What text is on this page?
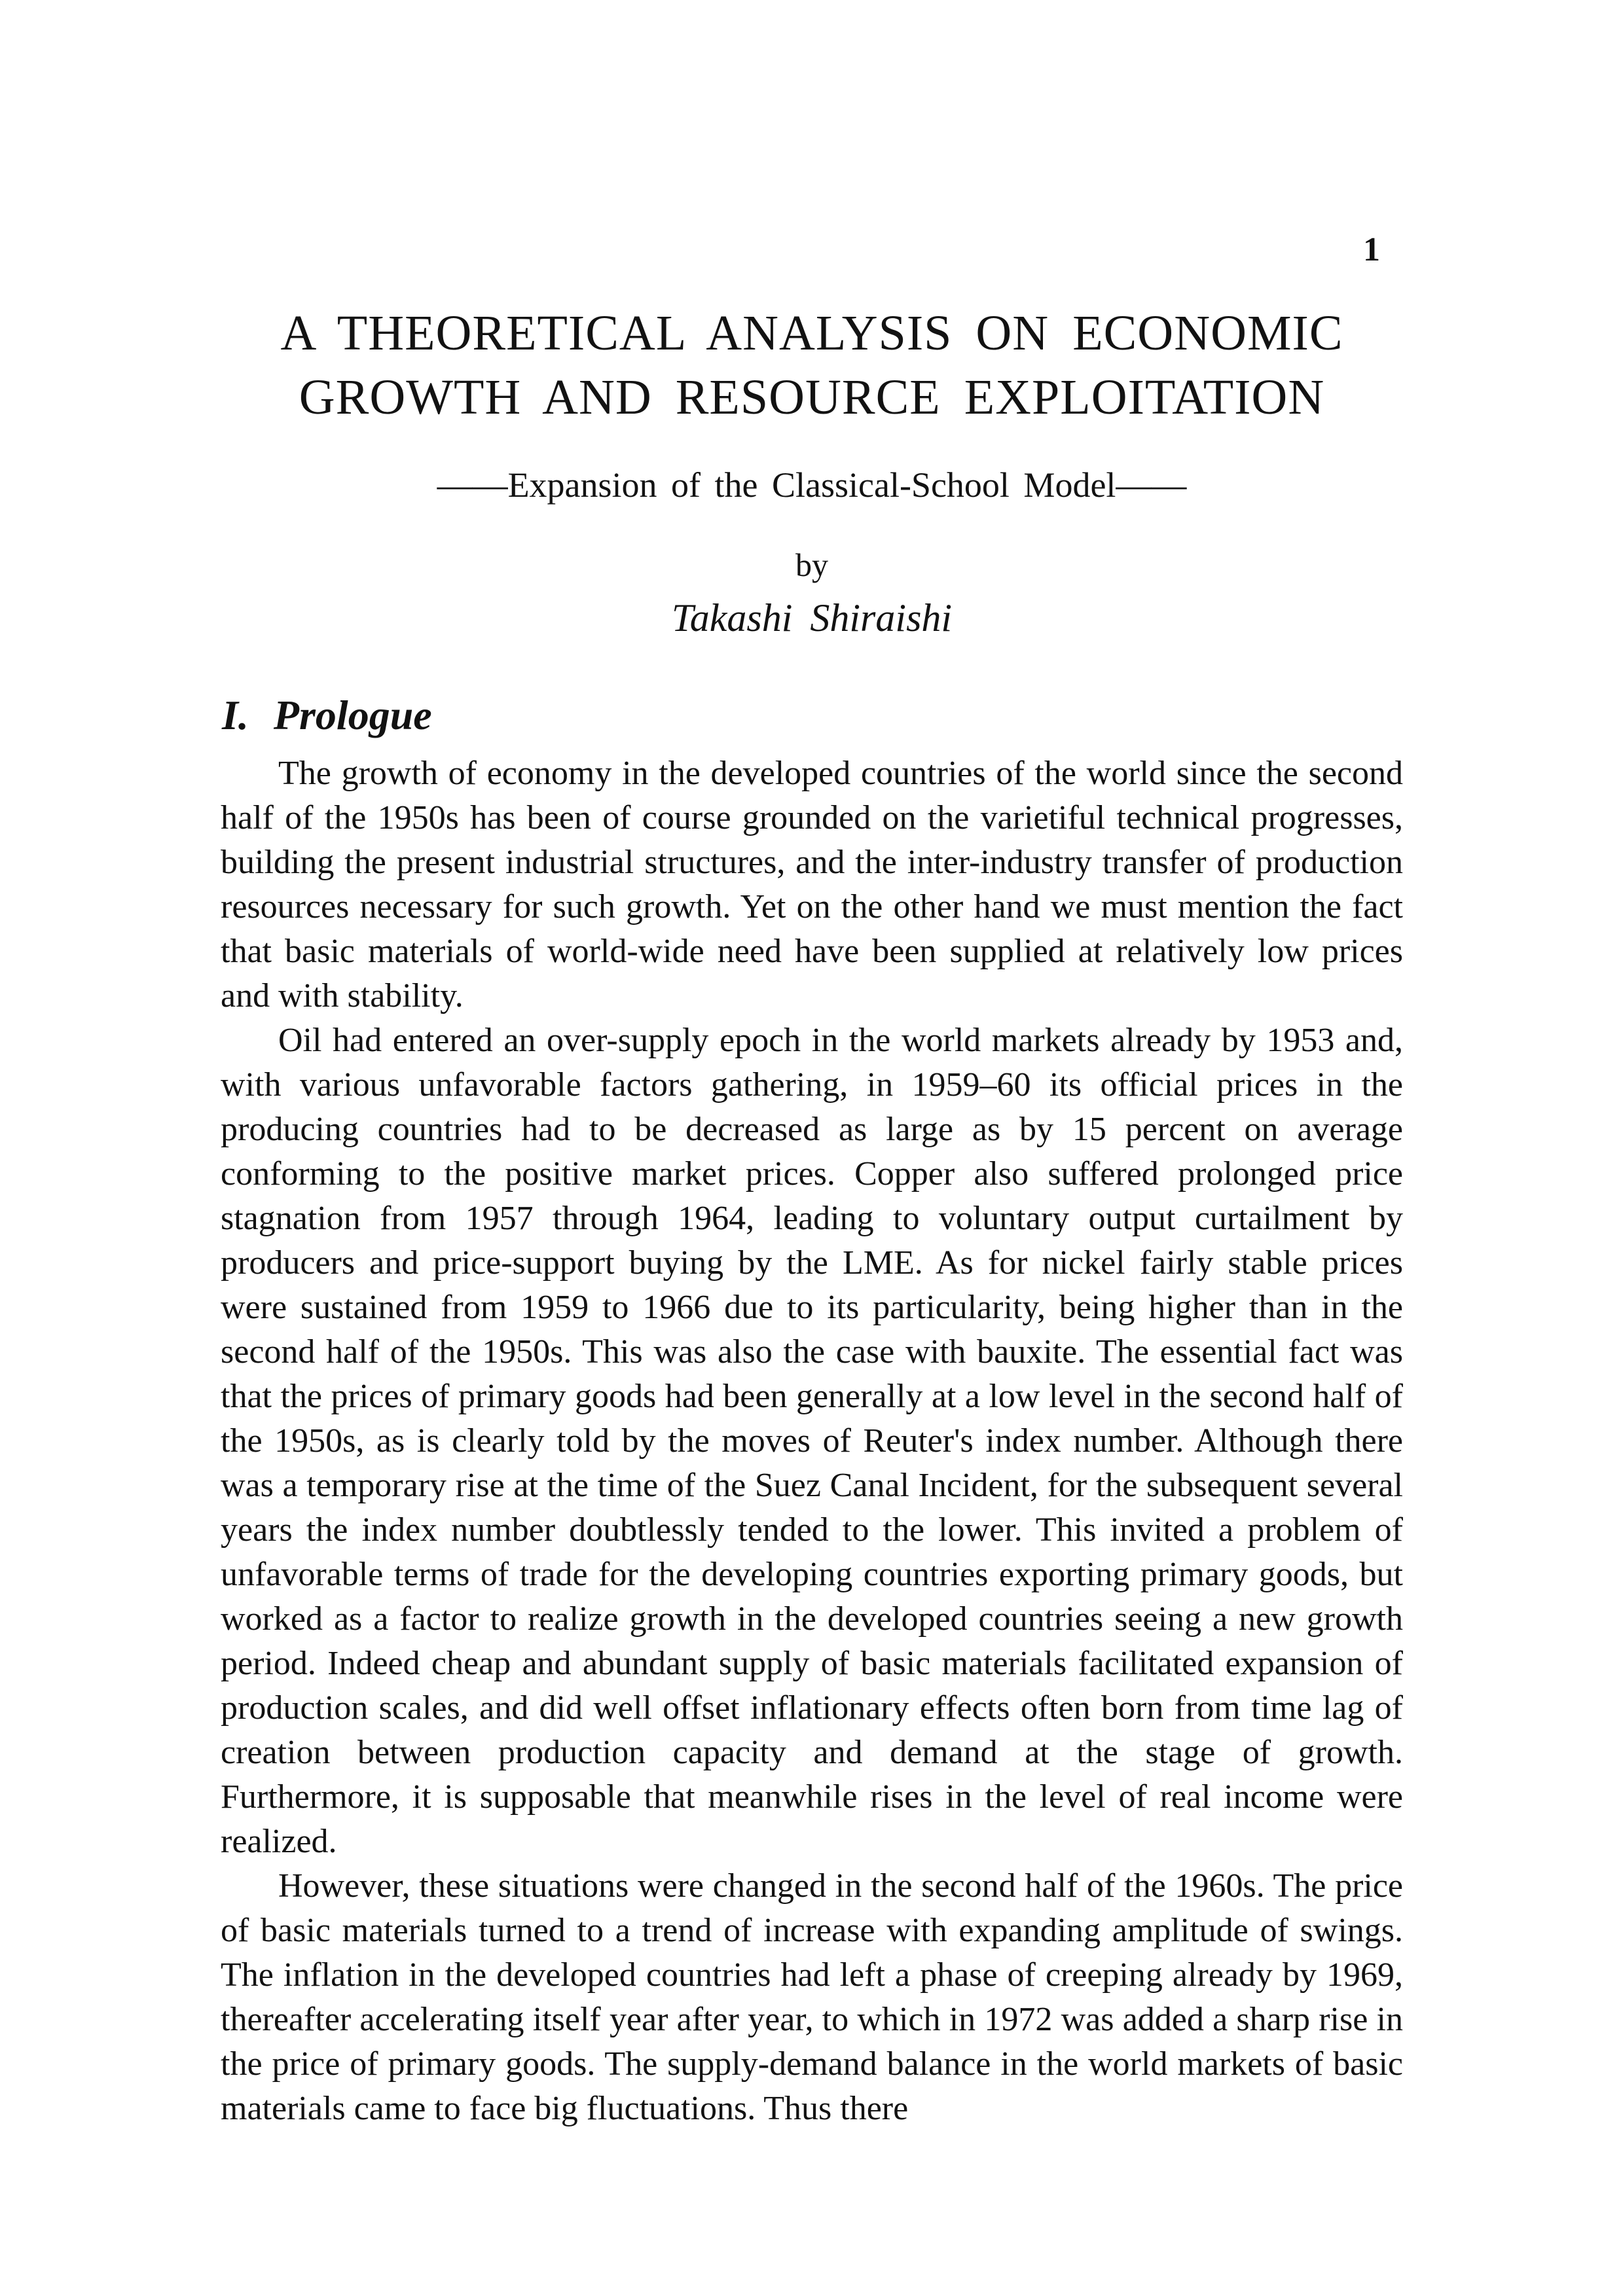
1
A THEORETICAL ANALYSIS ON ECONOMIC
GROWTH AND RESOURCE EXPLOITATION
——Expansion of the Classical-School Model——
by
Takashi Shiraishi
I. Prologue

The growth of economy in the developed countries of the world since the second half of the 1950s has been of course grounded on the varietiful technical progresses, building the present industrial structures, and the inter-industry transfer of production resources necessary for such growth. Yet on the other hand we must mention the fact that basic materials of world-wide need have been supplied at relatively low prices and with stability.

Oil had entered an over-supply epoch in the world markets already by 1953 and, with various unfavorable factors gathering, in 1959–60 its official prices in the producing countries had to be decreased as large as by 15 percent on average conforming to the positive market prices. Copper also suffered prolonged price stagnation from 1957 through 1964, leading to voluntary output curtailment by producers and price-support buying by the LME. As for nickel fairly stable prices were sustained from 1959 to 1966 due to its particularity, being higher than in the second half of the 1950s. This was also the case with bauxite. The essential fact was that the prices of primary goods had been generally at a low level in the second half of the 1950s, as is clearly told by the moves of Reuter's index number. Although there was a temporary rise at the time of the Suez Canal Incident, for the subsequent several years the index number doubtlessly tended to the lower. This invited a problem of unfavorable terms of trade for the developing countries exporting primary goods, but worked as a factor to realize growth in the developed countries seeing a new growth period. Indeed cheap and abundant supply of basic materials facilitated expansion of production scales, and did well offset inflationary effects often born from time lag of creation between production capacity and demand at the stage of growth. Furthermore, it is supposable that meanwhile rises in the level of real income were realized.

However, these situations were changed in the second half of the 1960s. The price of basic materials turned to a trend of increase with expanding amplitude of swings. The inflation in the developed countries had left a phase of creeping already by 1969, thereafter accelerating itself year after year, to which in 1972 was added a sharp rise in the price of primary goods. The supply-demand balance in the world markets of basic materials came to face big fluctuations. Thus there
